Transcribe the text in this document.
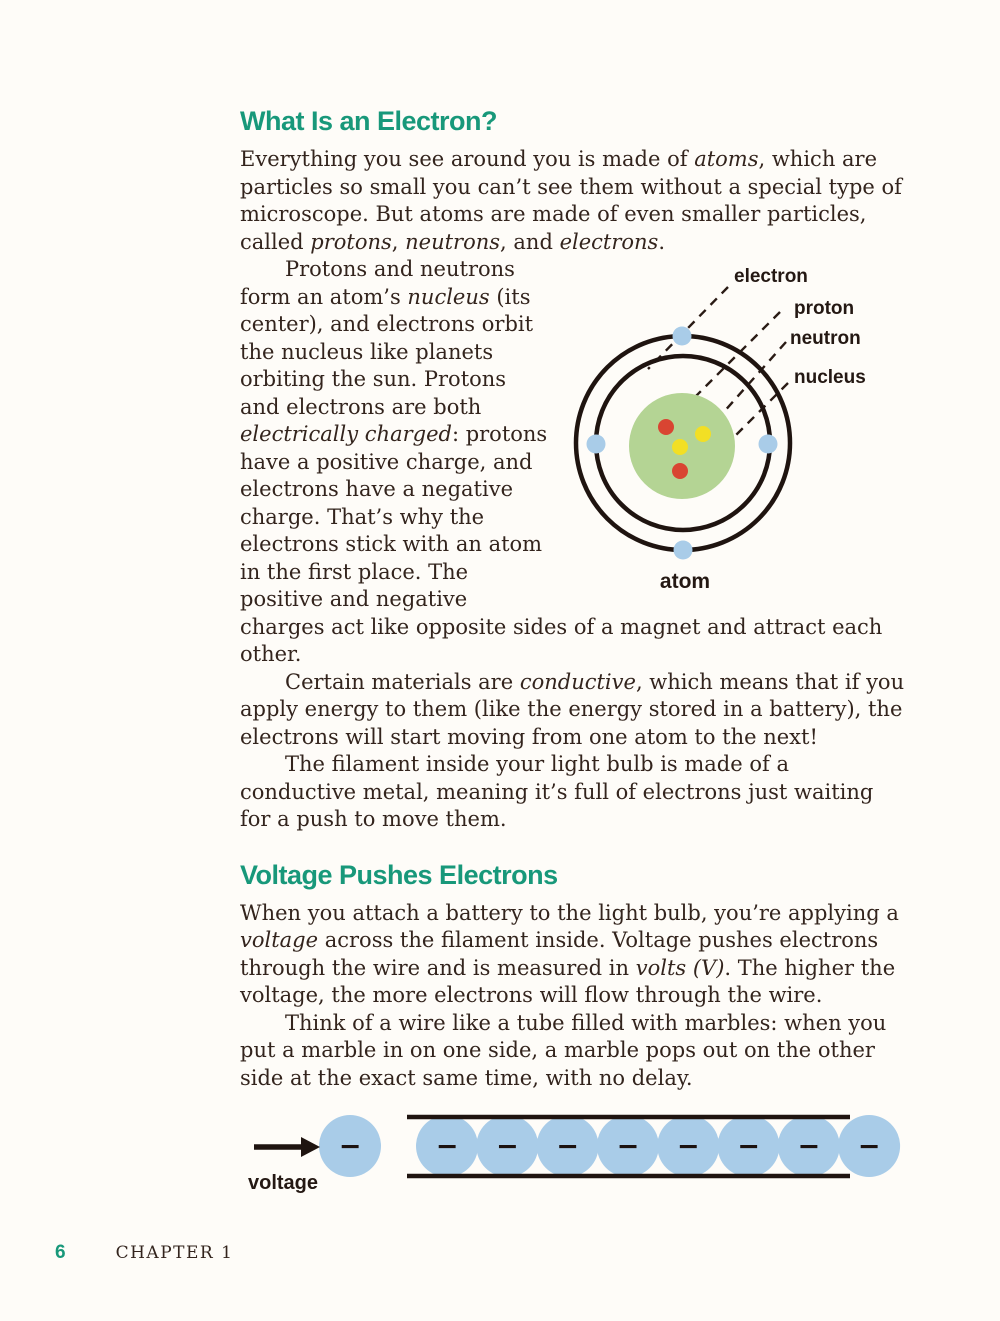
What Is an Electron?

Everything you see around you is made of atoms, which are particles so small you can’t see them without a special type of microscope. But atoms are made of even smaller particles, called protons, neutrons, and electrons.

electron
proton
neutron
nucleus
atom

Protons and neutrons form an atom’s nucleus (its center), and electrons orbit the nucleus like planets orbiting the sun. Protons and electrons are both electrically charged: protons have a positive charge, and electrons have a negative charge. That’s why the electrons stick with an atom in the first place. The positive and negative charges act like opposite sides of a magnet and attract each other.

Certain materials are conductive, which means that if you apply energy to them (like the energy stored in a battery), the electrons will start moving from one atom to the next!

The filament inside your light bulb is made of a conductive metal, meaning it’s full of electrons just waiting for a push to move them.

Voltage Pushes Electrons

When you attach a battery to the light bulb, you’re applying a voltage across the filament inside. Voltage pushes electrons through the wire and is measured in volts (V). The higher the voltage, the more electrons will flow through the wire.

Think of a wire like a tube filled with marbles: when you put a marble in on one side, a marble pops out on the other side at the exact same time, with no delay.

−	− − − − − − − −
voltage
6	CHAPTER 1
